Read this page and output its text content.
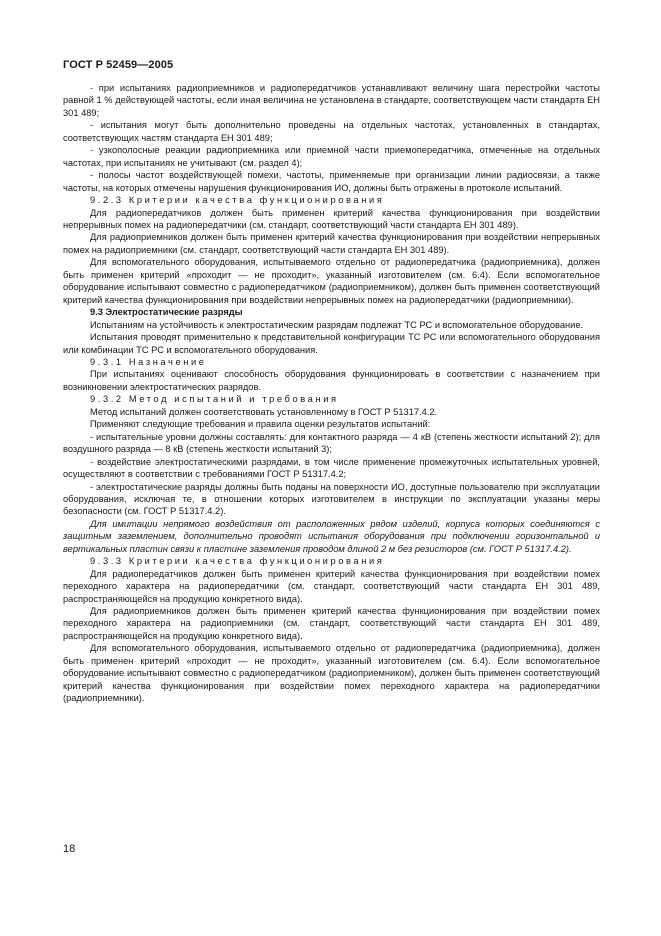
ГОСТ Р 52459—2005

- при испытаниях радиоприемников и радиопередатчиков устанавливают величину шага перестройки частоты равной 1 % действующей частоты, если иная величина не установлена в стандарте, соответствующем части стандарта ЕН 301 489;

- испытания могут быть дополнительно проведены на отдельных частотах, установленных в стандартах, соответствующих частям стандарта ЕН 301 489;

- узкополосные реакции радиоприемника или приемной части приемопередатчика, отмеченные на отдельных частотах, при испытаниях не учитывают (см. раздел 4);

- полосы частот воздействующей помехи, частоты, применяемые при организации линии радиосвязи, а также частоты, на которых отмечены нарушения функционирования ИО, должны быть отражены в протоколе испытаний.

9.2.3 Критерии качества функционирования

Для радиопередатчиков должен быть применен критерий качества функционирования при воздействии непрерывных помех на радиопередатчики (см. стандарт, соответствующий части стандарта ЕН 301 489).

Для радиоприемников должен быть применен критерий качества функционирования при воздействии непрерывных помех на радиоприемники (см. стандарт, соответствующий части стандарта ЕН 301 489).

Для вспомогательного оборудования, испытываемого отдельно от радиопередатчика (радиоприемника), должен быть применен критерий «проходит — не проходит», указанный изготовителем (см. 6.4). Если вспомогательное оборудование испытывают совместно с радиопередатчиком (радиоприемником), должен быть применен соответствующий критерий качества функционирования при воздействии непрерывных помех на радиопередатчики (радиоприемники).

9.3 Электростатические разряды

Испытаниям на устойчивость к электростатическим разрядам подлежат ТС РС и вспомогательное оборудование.

Испытания проводят применительно к представительной конфигурации ТС РС или вспомогательного оборудования или комбинации ТС РС и вспомогательного оборудования.

9.3.1 Назначение

При испытаниях оценивают способность оборудования функционировать в соответствии с назначением при возникновении электростатических разрядов.

9.3.2 Метод испытаний и требования

Метод испытаний должен соответствовать установленному в ГОСТ Р 51317.4.2.

Применяют следующие требования и правила оценки результатов испытаний:

- испытательные уровни должны составлять: для контактного разряда — 4 кВ (степень жесткости испытаний 2); для воздушного разряда — 8 кВ (степень жесткости испытаний 3);

- воздействие электростатическими разрядами, в том числе применение промежуточных испытательных уровней, осуществляют в соответствии с требованиями ГОСТ Р 51317.4.2;

- электростатические разряды должны быть поданы на поверхности ИО, доступные пользователю при эксплуатации оборудования, исключая те, в отношении которых изготовителем в инструкции по эксплуатации указаны меры безопасности (см. ГОСТ Р 51317.4.2).

Для имитации непрямого воздействия от расположенных рядом изделий, корпуса которых соединяются с защитным заземлением, дополнительно проводят испытания оборудования при подключении горизонтальной и вертикальных пластин связи к пластине заземления проводом длиной 2 м без резисторов (см. ГОСТ Р 51317.4.2).

9.3.3 Критерии качества функционирования

Для радиопередатчиков должен быть применен критерий качества функционирования при воздействии помех переходного характера на радиопередатчики (см. стандарт, соответствующий части стандарта ЕН 301 489, распространяющейся на продукцию конкретного вида).

Для радиоприемников должен быть применен критерий качества функционирования при воздействии помех переходного характера на радиоприемники (см. стандарт, соответствующий части стандарта ЕН 301 489, распространяющейся на продукцию конкретного вида).

Для вспомогательного оборудования, испытываемого отдельно от радиопередатчика (радиоприемника), должен быть применен критерий «проходит — не проходит», указанный изготовителем (см. 6.4). Если вспомогательное оборудование испытывают совместно с радиопередатчиком (радиоприемником), должен быть применен соответствующий критерий качества функционирования при воздействии помех переходного характера на радиопередатчики (радиоприемники).

18
